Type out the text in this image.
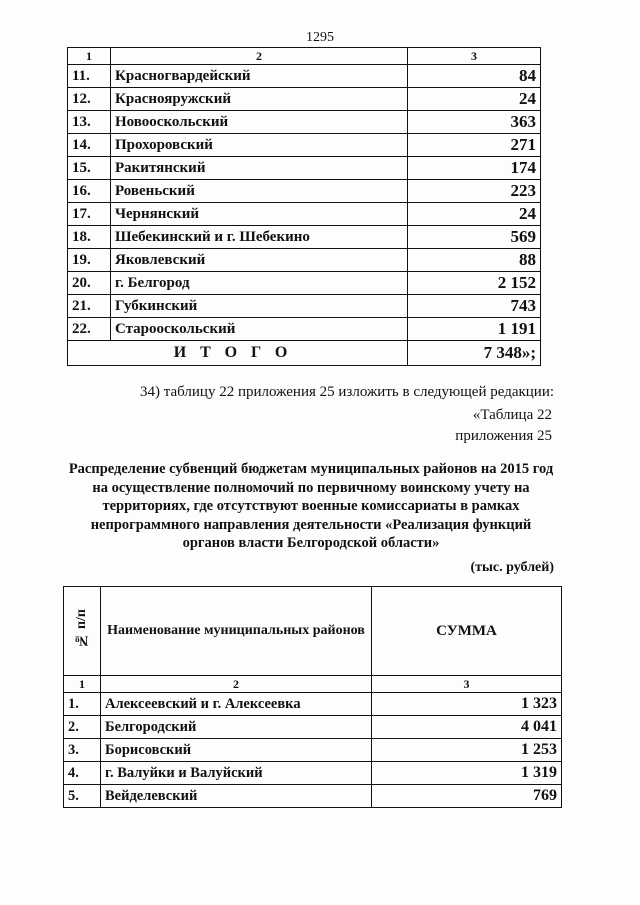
1295
1	2	3
11.	Красногвардейский	84
12.	Краснояружский	24
13.	Новооскольский	363
14.	Прохоровский	271
15.	Ракитянский	174
16.	Ровеньский	223
17.	Чернянский	24
18.	Шебекинский и г. Шебекино	569
19.	Яковлевский	88
20.	г. Белгород	2 152
21.	Губкинский	743
22.	Старооскольский	1 191
ИТОГО		7 348»;
34) таблицу 22 приложения 25 изложить в следующей редакции:
«Таблица 22
приложения 25
Распределение субвенций бюджетам муниципальных районов на 2015 год на осуществление полномочий по первичному воинскому учету на территориях, где отсутствуют военные комиссариаты в рамках непрограммного направления деятельности «Реализация функций органов власти Белгородской области»
(тыс. рублей)
№ п/п	Наименование муниципальных районов	СУММА
1	2	3
1.	Алексеевский и г. Алексеевка	1 323
2.	Белгородский	4 041
3.	Борисовский	1 253
4.	г. Валуйки и Валуйский	1 319
5.	Вейделевский	769
